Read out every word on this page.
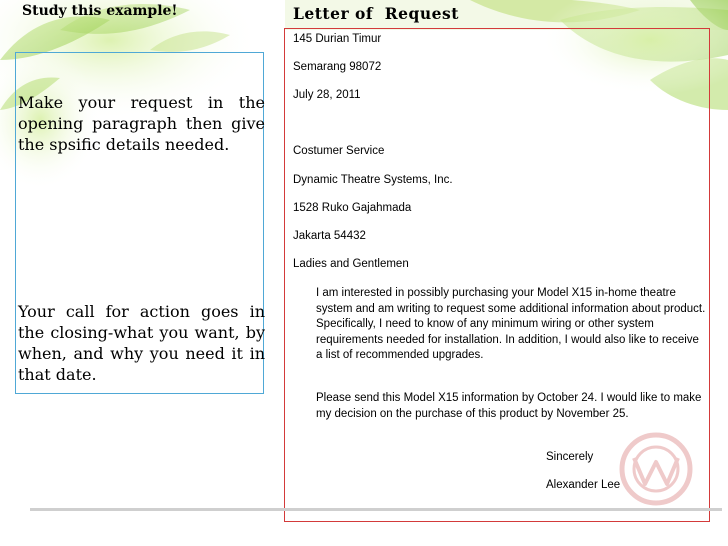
Study this example!

Make your request in the opening paragraph then give the spsific details needed.

Your call for action goes in the closing-what you want, by when, and why you need it in that date.

Letter of  Request

145 Durian Timur

Semarang 98072

July 28, 2011

Costumer Service

Dynamic Theatre Systems, Inc.

1528 Ruko Gajahmada

Jakarta 54432

Ladies and Gentlemen

I am interested in possibly purchasing your Model X15 in-home theatre system and am writing to request some additional information about product. Specifically, I need to know of any minimum wiring or other system requirements needed for installation. In addition, I would also like to receive a list of recommended upgrades.

Please send this Model X15 information by October 24. I would like to make my decision on the purchase of this product by November 25.

Sincerely

Alexander Lee
